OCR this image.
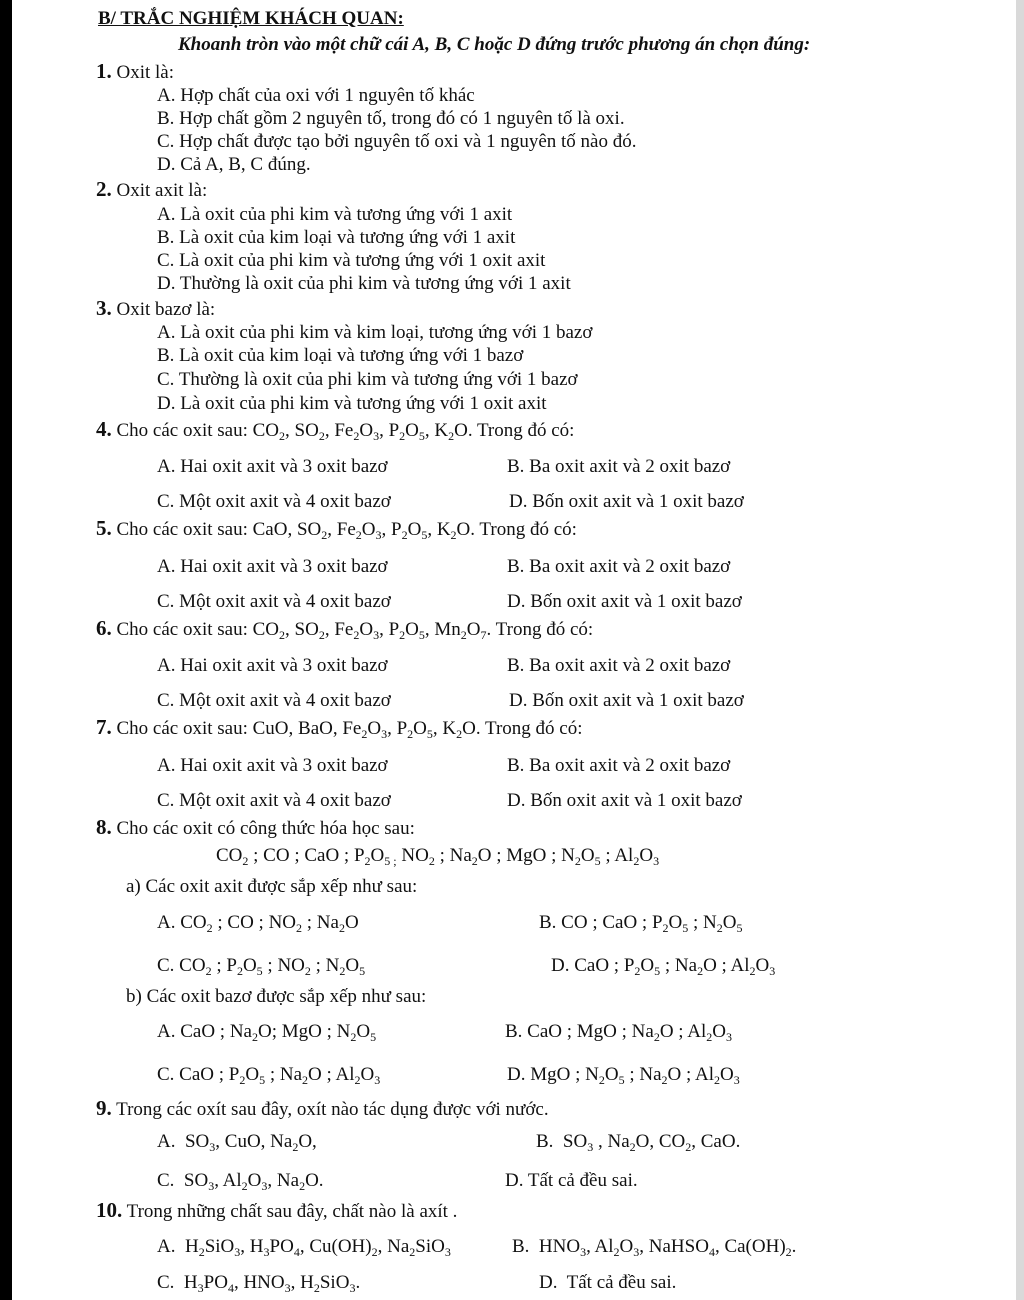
B/ TRẮC NGHIỆM KHÁCH QUAN:
Khoanh tròn vào một chữ cái A, B, C hoặc D đứng trước phương án chọn đúng:
1. Oxit là:
A. Hợp chất của oxi với 1 nguyên tố khác
B. Hợp chất gồm 2 nguyên tố, trong đó có 1 nguyên tố là oxi.
C. Hợp chất được tạo bởi nguyên tố oxi và 1 nguyên tố nào đó.
D. Cả A, B, C đúng.
2. Oxit axit là:
A. Là oxit của phi kim và tương ứng với 1 axit
B. Là oxit của kim loại và tương ứng với 1 axit
C. Là oxit của phi kim và tương ứng với 1 oxit axit
D. Thường là oxit của phi kim và tương ứng với 1 axit
3. Oxit bazơ là:
A. Là oxit của phi kim và kim loại, tương ứng với 1 bazơ
B. Là oxit của kim loại và tương ứng với 1 bazơ
C. Thường là oxit của phi kim và tương ứng với 1 bazơ
D. Là oxit của phi kim và tương ứng với 1 oxit axit
4. Cho các oxit sau: $CO_2$, $SO_2$, $Fe_2O_3$, $P_2O_5$, $K_2O$. Trong đó có:
A. Hai oxit axit và 3 oxit bazơ	B. Ba oxit axit và 2 oxit bazơ
C. Một oxit axit và 4 oxit bazơ	D. Bốn oxit axit và 1 oxit bazơ
5. Cho các oxit sau: CaO, $SO_2$, $Fe_2O_3$, $P_2O_5$, $K_2O$. Trong đó có:
A. Hai oxit axit và 3 oxit bazơ	B. Ba oxit axit và 2 oxit bazơ
C. Một oxit axit và 4 oxit bazơ	D. Bốn oxit axit và 1 oxit bazơ
6. Cho các oxit sau: $CO_2$, $SO_2$, $Fe_2O_3$, $P_2O_5$, $Mn_2O_7$. Trong đó có:
A. Hai oxit axit và 3 oxit bazơ	B. Ba oxit axit và 2 oxit bazơ
C. Một oxit axit và 4 oxit bazơ	D. Bốn oxit axit và 1 oxit bazơ
7. Cho các oxit sau: CuO, BaO, $Fe_2O_3$, $P_2O_5$, $K_2O$. Trong đó có:
A. Hai oxit axit và 3 oxit bazơ	B. Ba oxit axit và 2 oxit bazơ
C. Một oxit axit và 4 oxit bazơ	D. Bốn oxit axit và 1 oxit bazơ
8. Cho các oxit có công thức hóa học sau:
$CO_2$ ; CO ; CaO ; $P_2O_{5 ;}$ $NO_2$ ; $Na_2O$ ; MgO ; $N_2O_5$ ; $Al_2O_3$
a) Các oxit axit được sắp xếp như sau:
A. $CO_2$ ; CO ; $NO_2$ ; $Na_2O$	B. CO ; CaO ; $P_2O_5$ ; $N_2O_5$
C. $CO_2$ ; $P_2O_5$ ; $NO_2$ ; $N_2O_5$	D. CaO ; $P_2O_5$ ; $Na_2O$ ; $Al_2O_3$
b) Các oxit bazơ được sắp xếp như sau:
A. CaO ; $Na_2O$; MgO ; $N_2O_5$	B. CaO ; MgO ; $Na_2O$ ; $Al_2O_3$
C. CaO ; $P_2O_5$ ; $Na_2O$ ; $Al_2O_3$	D. MgO ; $N_2O_5$ ; $Na_2O$ ; $Al_2O_3$
9. Trong các oxít sau đây, oxít nào tác dụng được với nước.
A.  $SO_3$, CuO, $Na_2O$,	B.  $SO_3$ , $Na_2O$, $CO_2$, CaO.
C.  $SO_3$, $Al_2O_3$, $Na_2O$.	D. Tất cả đều sai.
10. Trong những chất sau đây, chất nào là axít .
A.  $H_2SiO_3$, $H_3PO_4$, $Cu(OH)_2$, $Na_2SiO_3$	B.  $HNO_3$, $Al_2O_3$, NaHSO$_4$, $Ca(OH)_2$.
C.  $H_3PO_4$, $HNO_3$, $H_2SiO_3$.	D.  Tất cả đều sai.
